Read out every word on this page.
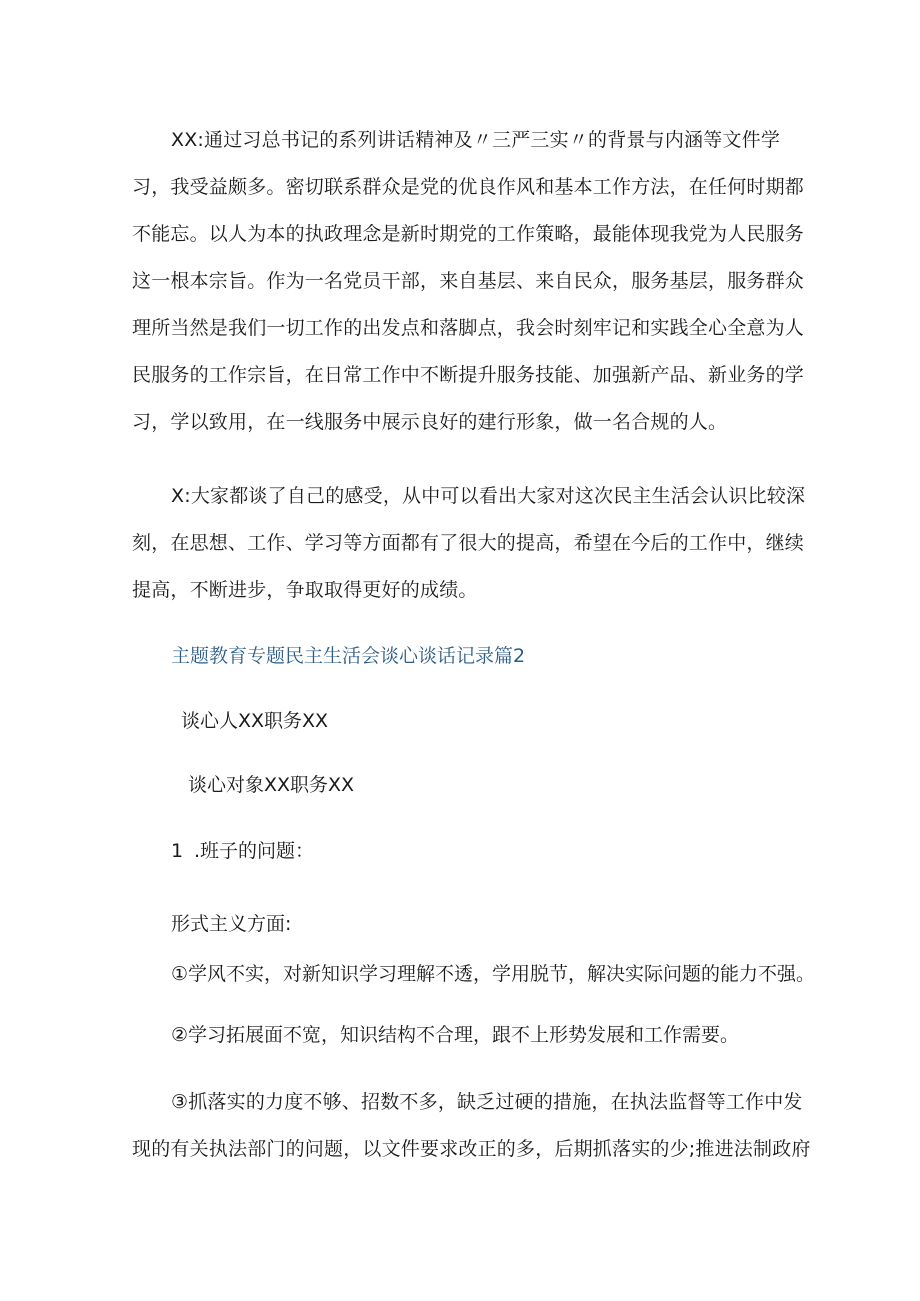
XX:通过习总书记的系列讲话精神及〃三严三实〃的背景与内涵等文件学
习，我受益颇多。密切联系群众是党的优良作风和基本工作方法，在任何时期都
不能忘。以人为本的执政理念是新时期党的工作策略，最能体现我党为人民服务
这一根本宗旨。作为一名党员干部，来自基层、来自民众，服务基层，服务群众
理所当然是我们一切工作的出发点和落脚点，我会时刻牢记和实践全心全意为人
民服务的工作宗旨，在日常工作中不断提升服务技能、加强新产品、新业务的学
习，学以致用，在一线服务中展示良好的建行形象，做一名合规的人。
X:大家都谈了自己的感受，从中可以看出大家对这次民主生活会认识比较深
刻，在思想、工作、学习等方面都有了很大的提高，希望在今后的工作中，继续
提高，不断进步，争取取得更好的成绩。
主题教育专题民主生活会谈心谈话记录篇2
谈心人XX职务XX
谈心对象XX职务XX
1 .班子的问题：
形式主义方面:
①学风不实，对新知识学习理解不透，学用脱节，解决实际问题的能力不强。
②学习拓展面不宽，知识结构不合理，跟不上形势发展和工作需要。
③抓落实的力度不够、招数不多，缺乏过硬的措施，在执法监督等工作中发
现的有关执法部门的问题，以文件要求改正的多，后期抓落实的少;推进法制政府
